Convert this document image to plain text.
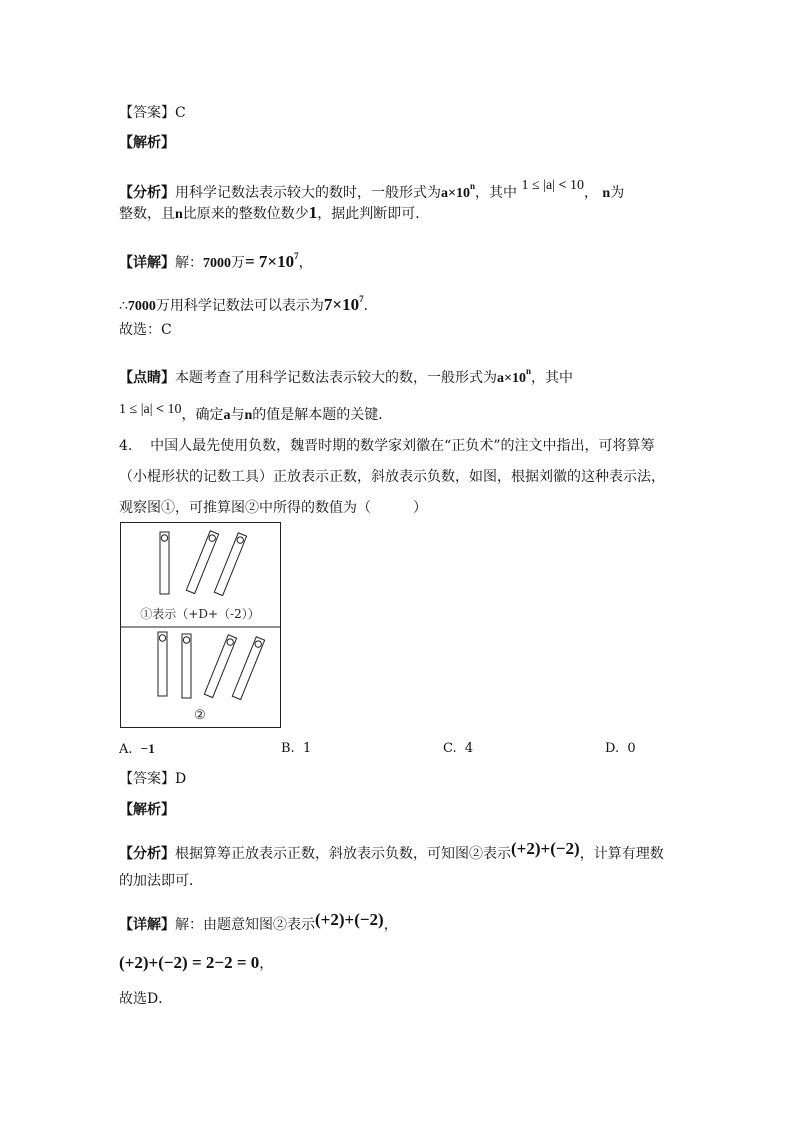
【答案】C
【解析】
【分析】用科学记数法表示较大的数时，一般形式为$a\times 10^n$，其中 1 ≤ |a| < 10， n为
整数，且n比原来的整数位数少1，据此判断即可．
【详解】解：7000万= $7\times 10^7$，
∴7000万用科学记数法可以表示为$7\times 10^7$．
故选：C
【点睛】本题考查了用科学记数法表示较大的数，一般形式为$a\times 10^n$，其中
1 ≤ |a| < 10，确定a与n的值是解本题的关键．
4. 中国人最先使用负数，魏晋时期的数学家刘徽在“正负术”的注文中指出，可将算筹
（小棍形状的记数工具）正放表示正数，斜放表示负数，如图，根据刘徽的这种表示法，
观察图①，可推算图②中所得的数值为（　　　）
①表示（+D+（-2））
②
A. −1	B. 1	C. 4	D. 0
【答案】D
【解析】
【分析】根据算筹正放表示正数，斜放表示负数，可知图②表示(+2)+(−2)，计算有理数
的加法即可．
【详解】解：由题意知图②表示(+2)+(−2)，
(+2)+(−2) = 2−2 = 0，
故选D．
